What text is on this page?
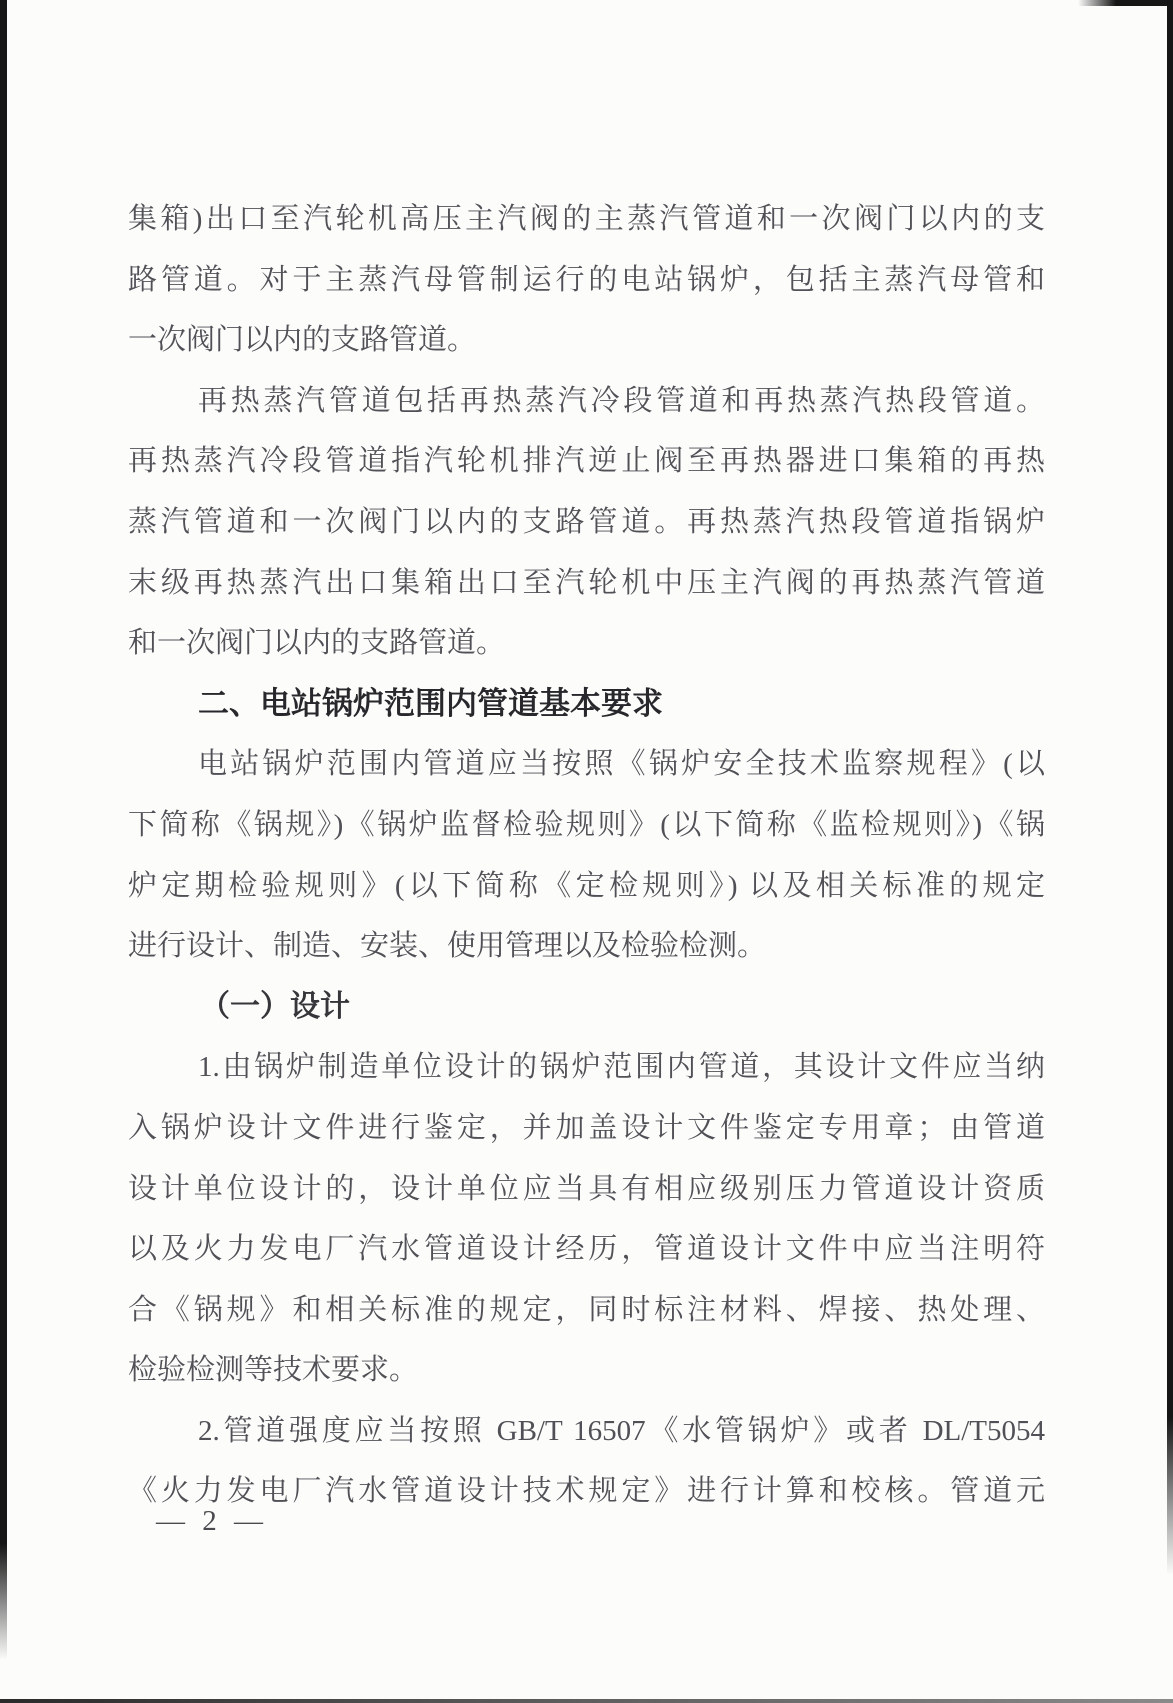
集箱)出口至汽轮机高压主汽阀的主蒸汽管道和一次阀门以内的支
路管道。对于主蒸汽母管制运行的电站锅炉，包括主蒸汽母管和
一次阀门以内的支路管道。
再热蒸汽管道包括再热蒸汽冷段管道和再热蒸汽热段管道。
再热蒸汽冷段管道指汽轮机排汽逆止阀至再热器进口集箱的再热
蒸汽管道和一次阀门以内的支路管道。再热蒸汽热段管道指锅炉
末级再热蒸汽出口集箱出口至汽轮机中压主汽阀的再热蒸汽管道
和一次阀门以内的支路管道。
二、电站锅炉范围内管道基本要求
电站锅炉范围内管道应当按照《锅炉安全技术监察规程》(以
下简称《锅规》)《锅炉监督检验规则》(以下简称《监检规则》)《锅
炉定期检验规则》(以下简称《定检规则》) 以及相关标准的规定
进行设计、制造、安装、使用管理以及检验检测。
（一）设计
1.由锅炉制造单位设计的锅炉范围内管道，其设计文件应当纳
入锅炉设计文件进行鉴定，并加盖设计文件鉴定专用章；由管道
设计单位设计的，设计单位应当具有相应级别压力管道设计资质
以及火力发电厂汽水管道设计经历，管道设计文件中应当注明符
合《锅规》和相关标准的规定，同时标注材料、焊接、热处理、
检验检测等技术要求。
2.管道强度应当按照 GB/T 16507《水管锅炉》或者 DL/T5054
《火力发电厂汽水管道设计技术规定》进行计算和校核。管道元
— 2 —
